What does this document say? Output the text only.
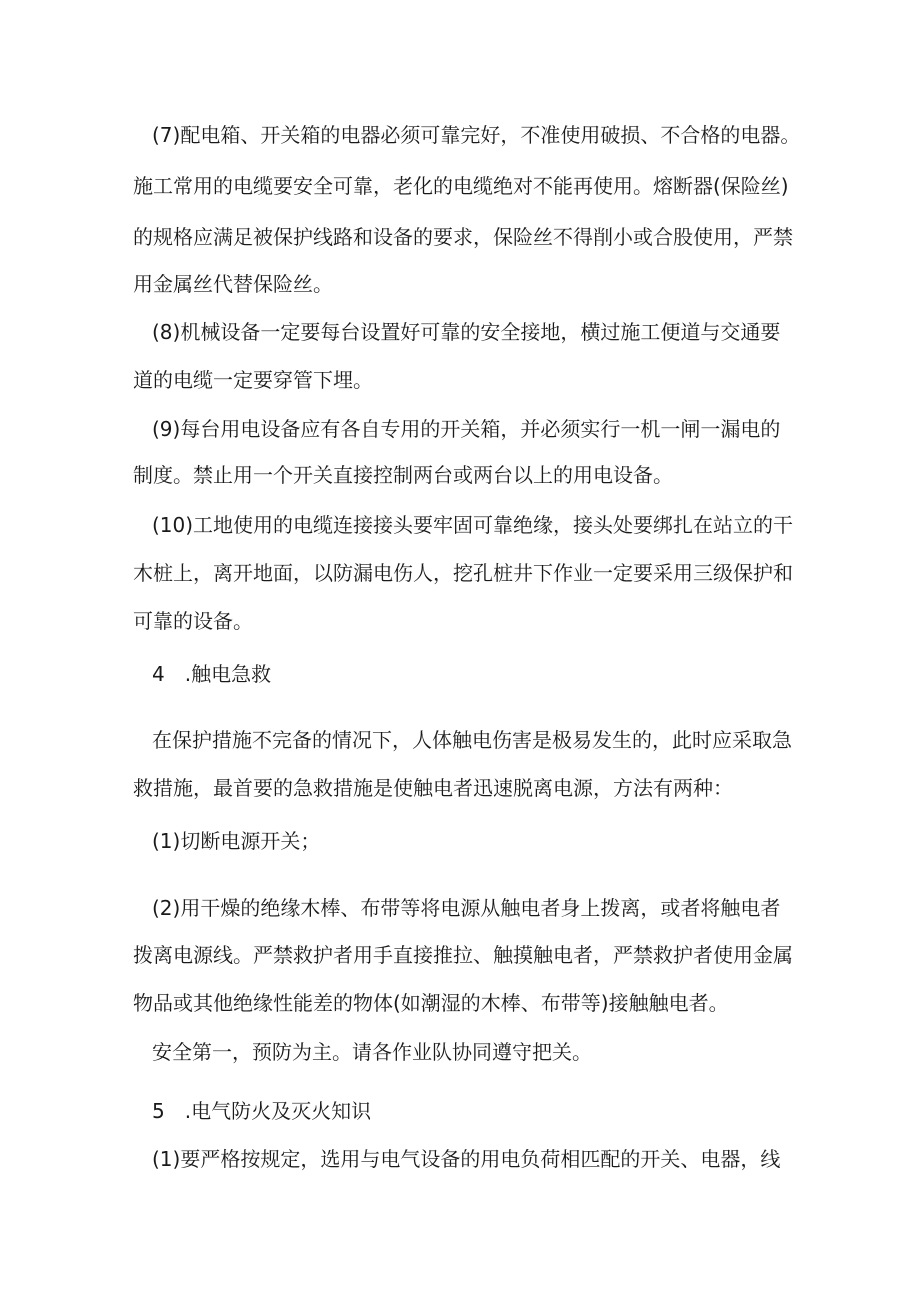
(7)配电箱、开关箱的电器必须可靠完好，不准使用破损、不合格的电器。
施工常用的电缆要安全可靠，老化的电缆绝对不能再使用。熔断器(保险丝)
的规格应满足被保护线路和设备的要求，保险丝不得削小或合股使用，严禁
用金属丝代替保险丝。
(8)机械设备一定要每台设置好可靠的安全接地，横过施工便道与交通要
道的电缆一定要穿管下埋。
(9)每台用电设备应有各自专用的开关箱，并必须实行一机一闸一漏电的
制度。禁止用一个开关直接控制两台或两台以上的用电设备。
(10)工地使用的电缆连接接头要牢固可靠绝缘，接头处要绑扎在站立的干
木桩上，离开地面，以防漏电伤人，挖孔桩井下作业一定要采用三级保护和
可靠的设备。
4　.触电急救
在保护措施不完备的情况下，人体触电伤害是极易发生的，此时应采取急
救措施，最首要的急救措施是使触电者迅速脱离电源，方法有两种：
(1)切断电源开关；
(2)用干燥的绝缘木棒、布带等将电源从触电者身上拨离，或者将触电者
拨离电源线。严禁救护者用手直接推拉、触摸触电者，严禁救护者使用金属
物品或其他绝缘性能差的物体(如潮湿的木棒、布带等)接触触电者。
安全第一，预防为主。请各作业队协同遵守把关。
5　.电气防火及灭火知识
(1)要严格按规定，选用与电气设备的用电负荷相匹配的开关、电器，线
